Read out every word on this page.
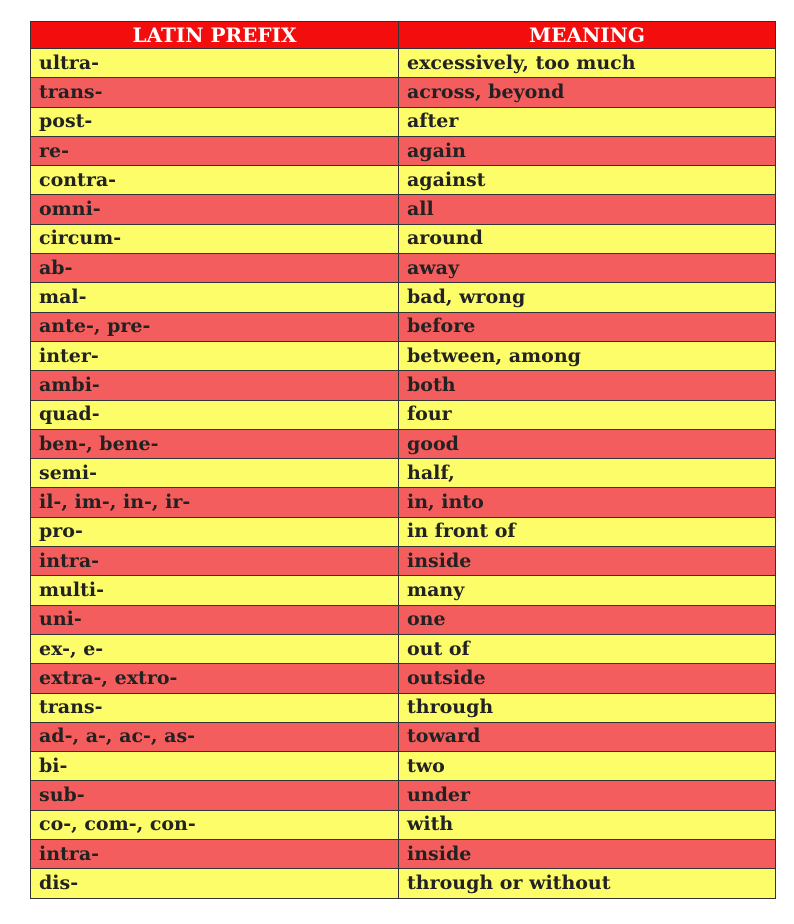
LATIN PREFIX	MEANING
ultra-	excessively, too much
trans-	across, beyond
post-	after
re-	again
contra-	against
omni-	all
circum-	around
ab-	away
mal-	bad, wrong
ante-, pre-	before
inter-	between, among
ambi-	both
quad-	four
ben-, bene-	good
semi-	half,
il-, im-, in-, ir-	in, into
pro-	in front of
intra-	inside
multi-	many
uni-	one
ex-, e-	out of
extra-, extro-	outside
trans-	through
ad-, a-, ac-, as-	toward
bi-	two
sub-	under
co-, com-, con-	with
intra-	inside
dis-	through or without
